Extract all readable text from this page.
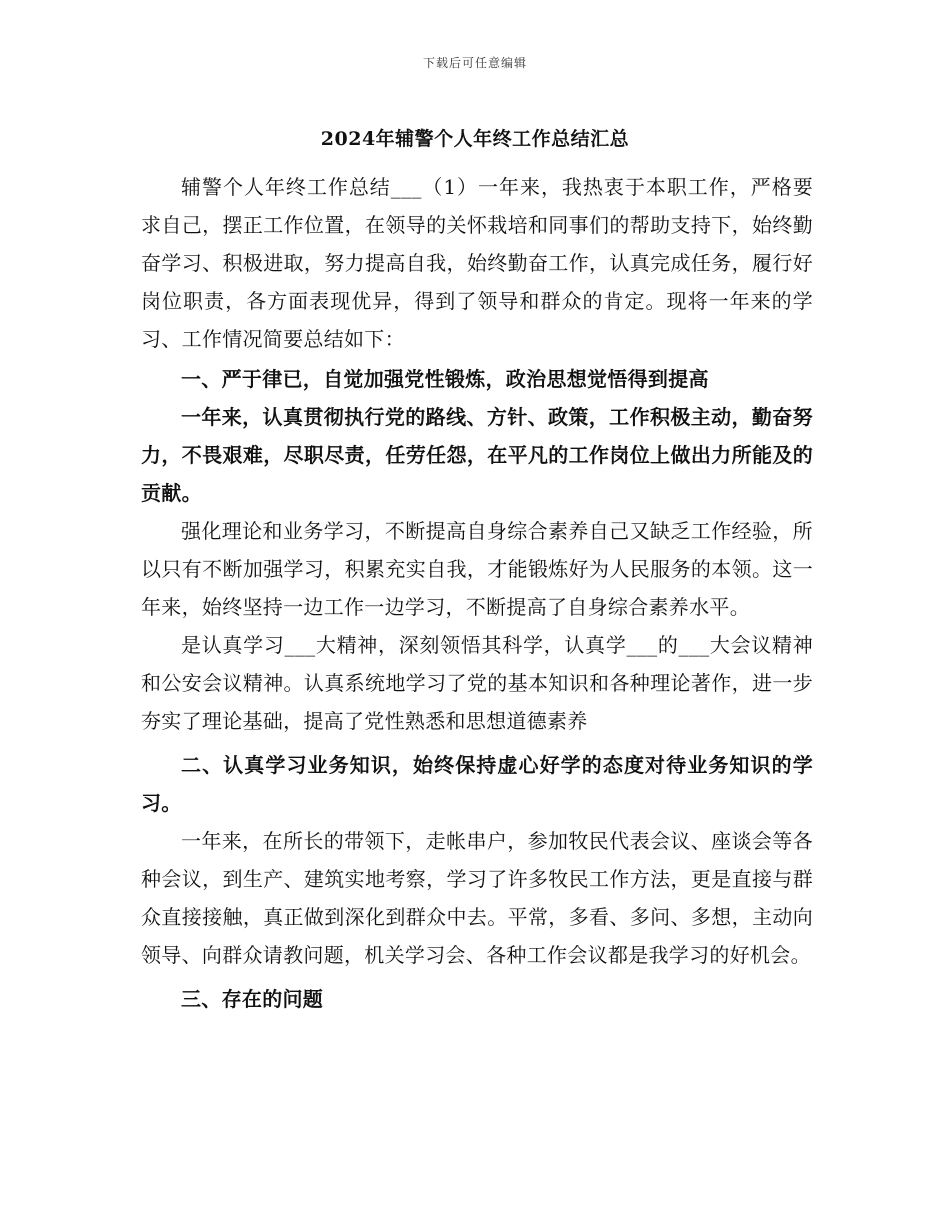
下载后可任意编辑
2024年辅警个人年终工作总结汇总

辅警个人年终工作总结___（1）一年来，我热衷于本职工作，严格要求自己，摆正工作位置，在领导的关怀栽培和同事们的帮助支持下，始终勤奋学习、积极进取，努力提高自我，始终勤奋工作，认真完成任务，履行好岗位职责，各方面表现优异，得到了领导和群众的肯定。现将一年来的学习、工作情况简要总结如下：

一、严于律已，自觉加强党性锻炼，政治思想觉悟得到提高

一年来，认真贯彻执行党的路线、方针、政策，工作积极主动，勤奋努力，不畏艰难，尽职尽责，任劳任怨，在平凡的工作岗位上做出力所能及的贡献。

强化理论和业务学习，不断提高自身综合素养自己又缺乏工作经验，所以只有不断加强学习，积累充实自我，才能锻炼好为人民服务的本领。这一年来，始终坚持一边工作一边学习，不断提高了自身综合素养水平。

是认真学习___大精神，深刻领悟其科学，认真学___的___大会议精神和公安会议精神。认真系统地学习了党的基本知识和各种理论著作，进一步夯实了理论基础，提高了党性熟悉和思想道德素养

二、认真学习业务知识，始终保持虚心好学的态度对待业务知识的学习。

一年来，在所长的带领下，走帐串户，参加牧民代表会议、座谈会等各种会议，到生产、建筑实地考察，学习了许多牧民工作方法，更是直接与群众直接接触，真正做到深化到群众中去。平常，多看、多问、多想，主动向领导、向群众请教问题，机关学习会、各种工作会议都是我学习的好机会。

三、存在的问题
